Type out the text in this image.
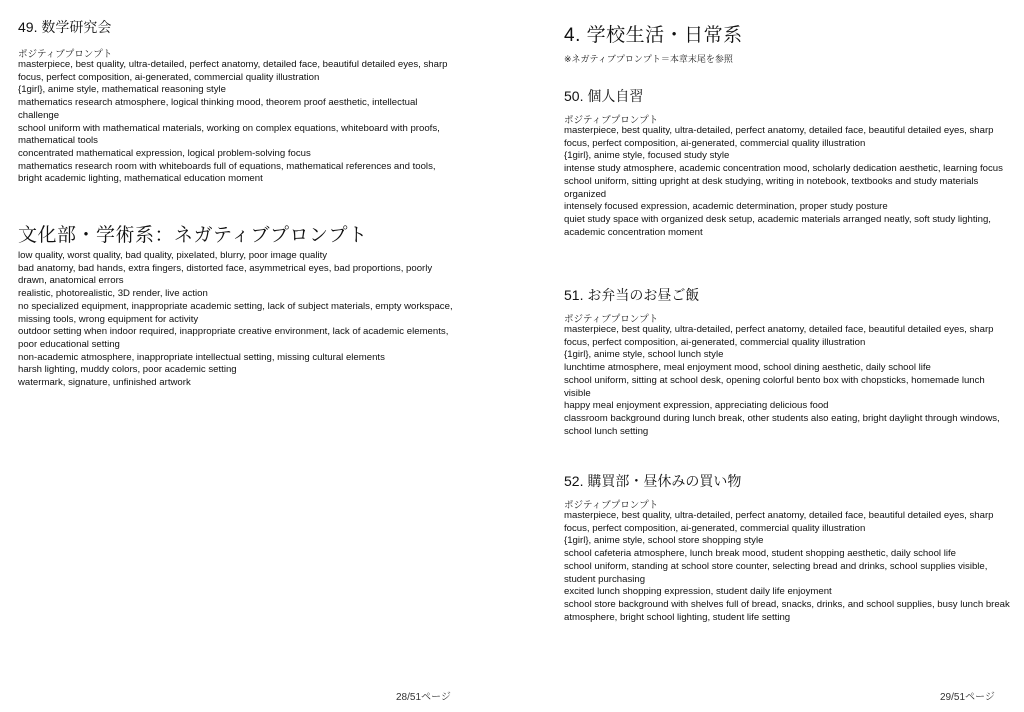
49. 数学研究会
ポジティブプロンプト
masterpiece, best quality, ultra-detailed, perfect anatomy, detailed face, beautiful detailed eyes, sharp focus, perfect composition, ai-generated, commercial quality illustration
{1girl}, anime style, mathematical reasoning style
mathematics research atmosphere, logical thinking mood, theorem proof aesthetic, intellectual challenge
school uniform with mathematical materials, working on complex equations, whiteboard with proofs, mathematical tools
concentrated mathematical expression, logical problem-solving focus
mathematics research room with whiteboards full of equations, mathematical references and tools, bright academic lighting, mathematical education moment
文化部・学術系：ネガティブプロンプト
low quality, worst quality, bad quality, pixelated, blurry, poor image quality
bad anatomy, bad hands, extra fingers, distorted face, asymmetrical eyes, bad proportions, poorly drawn, anatomical errors
realistic, photorealistic, 3D render, live action
no specialized equipment, inappropriate academic setting, lack of subject materials, empty workspace, missing tools, wrong equipment for activity
outdoor setting when indoor required, inappropriate creative environment, lack of academic elements, poor educational setting
non-academic atmosphere, inappropriate intellectual setting, missing cultural elements
harsh lighting, muddy colors, poor academic setting
watermark, signature, unfinished artwork
28/51ページ
4. 学校生活・日常系
※ネガティブプロンプト＝本章末尾を参照
50. 個人自習
ポジティブプロンプト
masterpiece, best quality, ultra-detailed, perfect anatomy, detailed face, beautiful detailed eyes, sharp focus, perfect composition, ai-generated, commercial quality illustration
{1girl}, anime style, focused study style
intense study atmosphere, academic concentration mood, scholarly dedication aesthetic, learning focus
school uniform, sitting upright at desk studying, writing in notebook, textbooks and study materials organized
intensely focused expression, academic determination, proper study posture
quiet study space with organized desk setup, academic materials arranged neatly, soft study lighting, academic concentration moment
51. お弁当のお昼ご飯
ポジティブプロンプト
masterpiece, best quality, ultra-detailed, perfect anatomy, detailed face, beautiful detailed eyes, sharp focus, perfect composition, ai-generated, commercial quality illustration
{1girl}, anime style, school lunch style
lunchtime atmosphere, meal enjoyment mood, school dining aesthetic, daily school life
school uniform, sitting at school desk, opening colorful bento box with chopsticks, homemade lunch visible
happy meal enjoyment expression, appreciating delicious food
classroom background during lunch break, other students also eating, bright daylight through windows, school lunch setting
52. 購買部・昼休みの買い物
ポジティブプロンプト
masterpiece, best quality, ultra-detailed, perfect anatomy, detailed face, beautiful detailed eyes, sharp focus, perfect composition, ai-generated, commercial quality illustration
{1girl}, anime style, school store shopping style
school cafeteria atmosphere, lunch break mood, student shopping aesthetic, daily school life
school uniform, standing at school store counter, selecting bread and drinks, school supplies visible, student purchasing
excited lunch shopping expression, student daily life enjoyment
school store background with shelves full of bread, snacks, drinks, and school supplies, busy lunch break atmosphere, bright school lighting, student life setting
29/51ページ
